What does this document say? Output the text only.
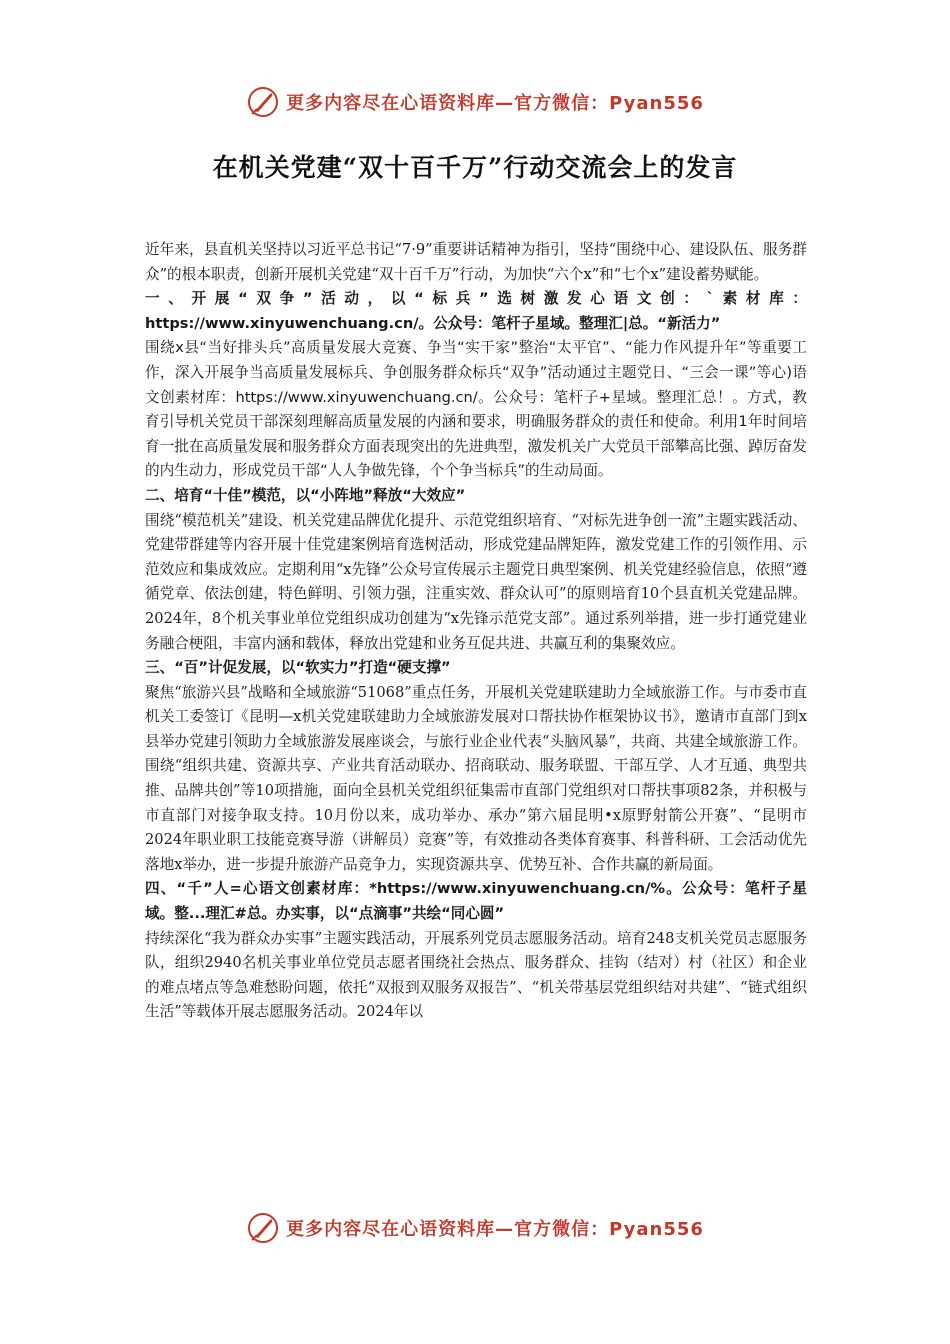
更多内容尽在心语资料库—官方微信：Pyan556
在机关党建“双十百千万”行动交流会上的发言

近年来，县直机关坚持以习近平总书记“7·9”重要讲话精神为指引，坚持“围绕中心、建设队伍、服务群众”的根本职责，创新开展机关党建“双十百千万”行动，为加快“六个x”和“七个x”建设蓄势赋能。

一、开展“双争”活动，以“标兵”选树激发心语文创：`素材库：https://www.xinyuwenchuang.cn/。公众号：笔杆子星域。整理汇|总。“新活力”

围绕x县“当好排头兵”高质量发展大竞赛、争当“实干家”整治“太平官”、“能力作风提升年”等重要工作，深入开展争当高质量发展标兵、争创服务群众标兵“双争”活动通过主题党日、“三会一课”等心)语文创素材库：https://www.xinyuwenchuang.cn/。公众号：笔杆子+星域。整理汇总！。方式，教育引导机关党员干部深刻理解高质量发展的内涵和要求，明确服务群众的责任和使命。利用1年时间培育一批在高质量发展和服务群众方面表现突出的先进典型，激发机关广大党员干部攀高比强、踔厉奋发的内生动力，形成党员干部“人人争做先锋，个个争当标兵”的生动局面。

二、培育“十佳”模范，以“小阵地”释放“大效应”

围绕“模范机关”建设、机关党建品牌优化提升、示范党组织培育、“对标先进争创一流”主题实践活动、党建带群建等内容开展十佳党建案例培育选树活动，形成党建品牌矩阵，激发党建工作的引领作用、示范效应和集成效应。定期利用“x先锋”公众号宣传展示主题党日典型案例、机关党建经验信息，依照“遵循党章、依法创建，特色鲜明、引领力强，注重实效、群众认可”的原则培育10个县直机关党建品牌。2024年，8个机关事业单位党组织成功创建为“x先锋示范党支部”。通过系列举措，进一步打通党建业务融合梗阻，丰富内涵和载体，释放出党建和业务互促共进、共赢互利的集聚效应。

三、“百”计促发展，以“软实力”打造“硬支撑”

聚焦“旅游兴县”战略和全域旅游“51068”重点任务，开展机关党建联建助力全域旅游工作。与市委市直机关工委签订《昆明—x机关党建联建助力全域旅游发展对口帮扶协作框架协议书》，邀请市直部门到x县举办党建引领助力全域旅游发展座谈会，与旅行业企业代表“头脑风暴”，共商、共建全域旅游工作。围绕“组织共建、资源共享、产业共育活动联办、招商联动、服务联盟、干部互学、人才互通、典型共推、品牌共创”等10项措施，面向全县机关党组织征集需市直部门党组织对口帮扶事项82条，并积极与市直部门对接争取支持。10月份以来，成功举办、承办“第六届昆明•x原野射箭公开赛”、“昆明市2024年职业职工技能竞赛导游（讲解员）竞赛”等，有效推动各类体育赛事、科普科研、工会活动优先落地x举办，进一步提升旅游产品竞争力，实现资源共享、优势互补、合作共赢的新局面。

四、“千”人=心语文创素材库：*https://www.xinyuwenchuang.cn/%。公众号：笔杆子星域。整...理汇#总。办实事，以“点滴事”共绘“同心圆”

持续深化“我为群众办实事”主题实践活动，开展系列党员志愿服务活动。培育248支机关党员志愿服务队，组织2940名机关事业单位党员志愿者围绕社会热点、服务群众、挂钩（结对）村（社区）和企业的难点堵点等急难愁盼问题，依托“双报到双服务双报告”、“机关带基层党组织结对共建”、“链式组织生活”等载体开展志愿服务活动。2024年以

更多内容尽在心语资料库—官方微信：Pyan556
